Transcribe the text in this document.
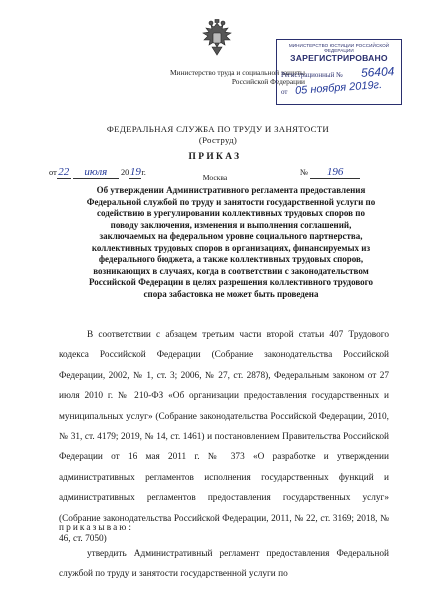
Министерство труда и социальной защиты
Российской Федерации
МИНИСТЕРСТВО ЮСТИЦИИ РОССИЙСКОЙ ФЕДЕРАЦИИ
ЗАРЕГИСТРИРОВАНО
Регистрационный № 56404
от 05 ноября 2019г.
ФЕДЕРАЛЬНАЯ СЛУЖБА ПО ТРУДУ И ЗАНЯТОСТИ
(Роструд)
ПРИКАЗ
от 22 июля 2019г.
Москва
№ 196
Об утверждении Административного регламента предоставления Федеральной службой по труду и занятости государственной услуги по содействию в урегулировании коллективных трудовых споров по поводу заключения, изменения и выполнения соглашений, заключаемых на федеральном уровне социального партнерства, коллективных трудовых споров в организациях, финансируемых из федерального бюджета, а также коллективных трудовых споров, возникающих в случаях, когда в соответствии с законодательством Российской Федерации в целях разрешения коллективного трудового спора забастовка не может быть проведена
В соответствии с абзацем третьим части второй статьи 407 Трудового кодекса Российской Федерации (Собрание законодательства Российской Федерации, 2002, № 1, ст. 3; 2006, № 27, ст. 2878), Федеральным законом от 27 июля 2010 г. № 210-ФЗ «Об организации предоставления государственных и муниципальных услуг» (Собрание законодательства Российской Федерации, 2010, № 31, ст. 4179; 2019, № 14, ст. 1461) и постановлением Правительства Российской Федерации от 16 мая 2011 г. № 373 «О разработке и утверждении административных регламентов исполнения государственных функций и административных регламентов предоставления государственных услуг» (Собрание законодательства Российской Федерации, 2011, № 22, ст. 3169; 2018, № 46, ст. 7050)
приказываю:
утвердить Административный регламент предоставления Федеральной службой по труду и занятости государственной услуги по
